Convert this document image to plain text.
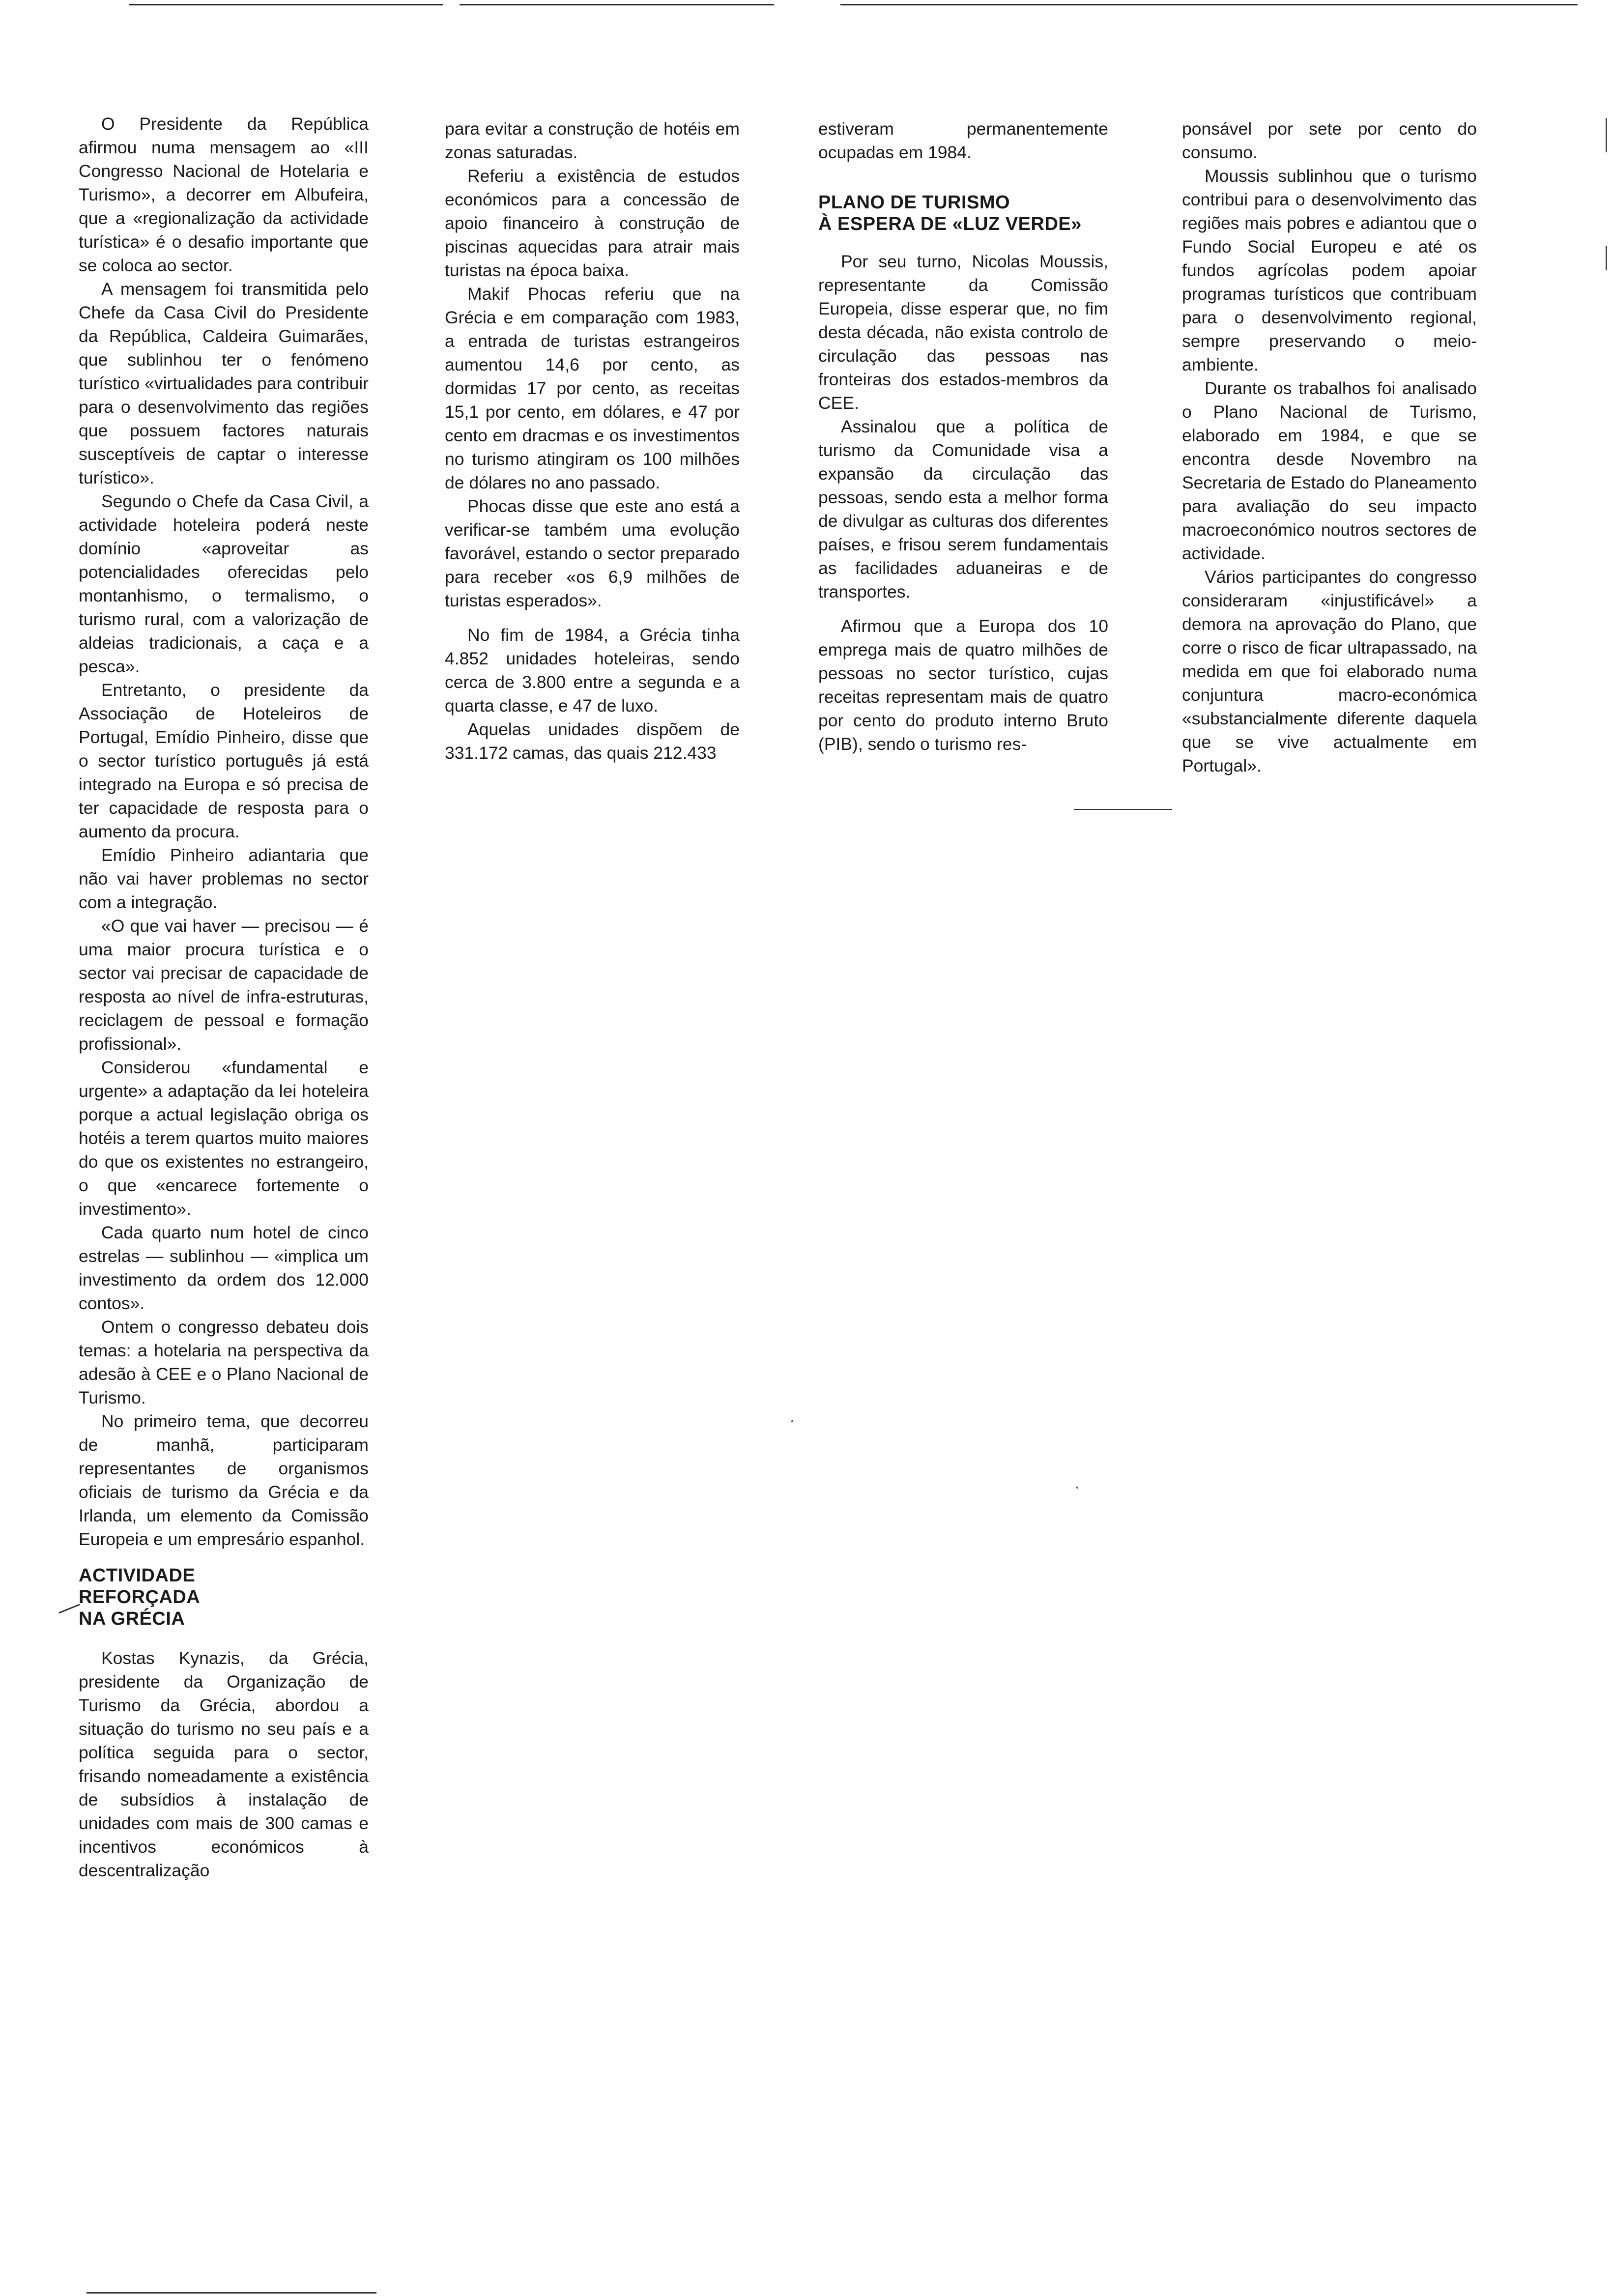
O Presidente da República afirmou numa mensagem ao «III Congresso Nacional de Hotelaria e Turismo», a decorrer em Albufeira, que a «regionalização da actividade turística» é o desafio importante que se coloca ao sector.

A mensagem foi transmitida pelo Chefe da Casa Civil do Presidente da República, Caldeira Guimarães, que sublinhou ter o fenómeno turístico «virtualidades para contribuir para o desenvolvimento das regiões que possuem factores naturais susceptíveis de captar o interesse turístico».

Segundo o Chefe da Casa Civil, a actividade hoteleira poderá neste domínio «aproveitar as potencialidades oferecidas pelo montanhismo, o termalismo, o turismo rural, com a valorização de aldeias tradicionais, a caça e a pesca».

Entretanto, o presidente da Associação de Hoteleiros de Portugal, Emídio Pinheiro, disse que o sector turístico português já está integrado na Europa e só precisa de ter capacidade de resposta para o aumento da procura.

Emídio Pinheiro adiantaria que não vai haver problemas no sector com a integração.

«O que vai haver — precisou — é uma maior procura turística e o sector vai precisar de capacidade de resposta ao nível de infra-estruturas, reciclagem de pessoal e formação profissional».

Considerou «fundamental e urgente» a adaptação da lei hoteleira porque a actual legislação obriga os hotéis a terem quartos muito maiores do que os existentes no estrangeiro, o que «encarece fortemente o investimento».

Cada quarto num hotel de cinco estrelas — sublinhou — «implica um investimento da ordem dos 12.000 contos».

Ontem o congresso debateu dois temas: a hotelaria na perspectiva da adesão à CEE e o Plano Nacional de Turismo.

No primeiro tema, que decorreu de manhã, participaram representantes de organismos oficiais de turismo da Grécia e da Irlanda, um elemento da Comissão Europeia e um empresário espanhol.

ACTIVIDADE
REFORÇADA
NA GRÉCIA

Kostas Kynazis, da Grécia, presidente da Organização de Turismo da Grécia, abordou a situação do turismo no seu país e a política seguida para o sector, frisando nomeadamente a existência de subsídios à instalação de unidades com mais de 300 camas e incentivos económicos à descentralização

para evitar a construção de hotéis em zonas saturadas.

Referiu a existência de estudos económicos para a concessão de apoio financeiro à construção de piscinas aquecidas para atrair mais turistas na época baixa.

Makif Phocas referiu que na Grécia e em comparação com 1983, a entrada de turistas estrangeiros aumentou 14,6 por cento, as dormidas 17 por cento, as receitas 15,1 por cento, em dólares, e 47 por cento em dracmas e os investimentos no turismo atingiram os 100 milhões de dólares no ano passado.

Phocas disse que este ano está a verificar-se também uma evolução favorável, estando o sector preparado para receber «os 6,9 milhões de turistas esperados».

No fim de 1984, a Grécia tinha 4.852 unidades hoteleiras, sendo cerca de 3.800 entre a segunda e a quarta classe, e 47 de luxo.

Aquelas unidades dispõem de 331.172 camas, das quais 212.433

estiveram permanentemente ocupadas em 1984.

PLANO DE TURISMO
À ESPERA DE «LUZ VERDE»

Por seu turno, Nicolas Moussis, representante da Comissão Europeia, disse esperar que, no fim desta década, não exista controlo de circulação das pessoas nas fronteiras dos estados-membros da CEE.

Assinalou que a política de turismo da Comunidade visa a expansão da circulação das pessoas, sendo esta a melhor forma de divulgar as culturas dos diferentes países, e frisou serem fundamentais as facilidades aduaneiras e de transportes.

Afirmou que a Europa dos 10 emprega mais de quatro milhões de pessoas no sector turístico, cujas receitas representam mais de quatro por cento do produto interno Bruto (PIB), sendo o turismo res-

ponsável por sete por cento do consumo.

Moussis sublinhou que o turismo contribui para o desenvolvimento das regiões mais pobres e adiantou que o Fundo Social Europeu e até os fundos agrícolas podem apoiar programas turísticos que contribuam para o desenvolvimento regional, sempre preservando o meio-ambiente.

Durante os trabalhos foi analisado o Plano Nacional de Turismo, elaborado em 1984, e que se encontra desde Novembro na Secretaria de Estado do Planeamento para avaliação do seu impacto macroeconómico noutros sectores de actividade.

Vários participantes do congresso consideraram «injustificável» a demora na aprovação do Plano, que corre o risco de ficar ultrapassado, na medida em que foi elaborado numa conjuntura macro-económica «substancialmente diferente daquela que se vive actualmente em Portugal».
